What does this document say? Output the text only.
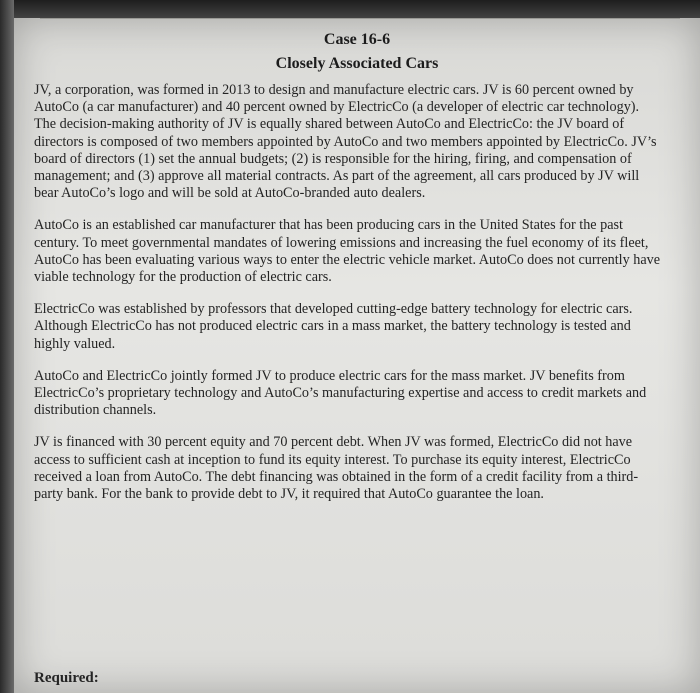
Case 16-6
Closely Associated Cars

JV, a corporation, was formed in 2013 to design and manufacture electric cars. JV is 60 percent owned by AutoCo (a car manufacturer) and 40 percent owned by ElectricCo (a developer of electric car technology). The decision-making authority of JV is equally shared between AutoCo and ElectricCo: the JV board of directors is composed of two members appointed by AutoCo and two members appointed by ElectricCo. JV’s board of directors (1) set the annual budgets; (2) is responsible for the hiring, firing, and compensation of management; and (3) approve all material contracts. As part of the agreement, all cars produced by JV will bear AutoCo’s logo and will be sold at AutoCo-branded auto dealers.

AutoCo is an established car manufacturer that has been producing cars in the United States for the past century. To meet governmental mandates of lowering emissions and increasing the fuel economy of its fleet, AutoCo has been evaluating various ways to enter the electric vehicle market. AutoCo does not currently have viable technology for the production of electric cars.

ElectricCo was established by professors that developed cutting-edge battery technology for electric cars. Although ElectricCo has not produced electric cars in a mass market, the battery technology is tested and highly valued.

AutoCo and ElectricCo jointly formed JV to produce electric cars for the mass market. JV benefits from ElectricCo’s proprietary technology and AutoCo’s manufacturing expertise and access to credit markets and distribution channels.

JV is financed with 30 percent equity and 70 percent debt. When JV was formed, ElectricCo did not have access to sufficient cash at inception to fund its equity interest. To purchase its equity interest, ElectricCo received a loan from AutoCo. The debt financing was obtained in the form of a credit facility from a third-party bank. For the bank to provide debt to JV, it required that AutoCo guarantee the loan.

Required:
